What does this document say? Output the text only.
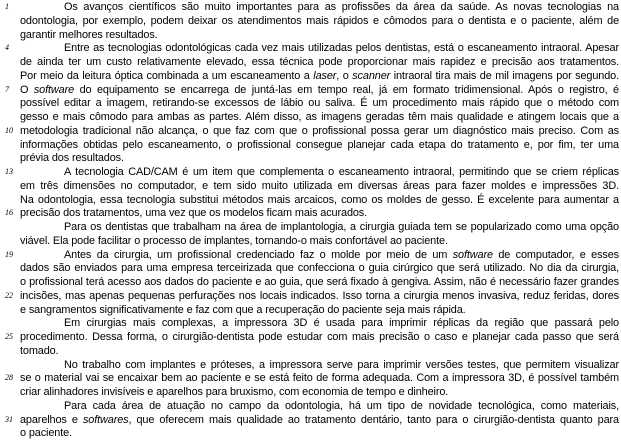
1	Os avanços científicos são muito importantes para as profissões da área da saúde. As novas tecnologias na
odontologia, por exemplo, podem deixar os atendimentos mais rápidos e cômodos para o dentista e o paciente, além de
garantir melhores resultados.
4	Entre as tecnologias odontológicas cada vez mais utilizadas pelos dentistas, está o escaneamento intraoral. Apesar
de ainda ter um custo relativamente elevado, essa técnica pode proporcionar mais rapidez e precisão aos tratamentos.
Por meio da leitura óptica combinada a um escaneamento a laser, o scanner intraoral tira mais de mil imagens por segundo.
7	O software do equipamento se encarrega de juntá-las em tempo real, já em formato tridimensional. Após o registro, é
possível editar a imagem, retirando-se excessos de lábio ou saliva. É um procedimento mais rápido que o método com
gesso e mais cômodo para ambas as partes. Além disso, as imagens geradas têm mais qualidade e atingem locais que a
10 metodologia tradicional não alcança, o que faz com que o profissional possa gerar um diagnóstico mais preciso. Com as
informações obtidas pelo escaneamento, o profissional consegue planejar cada etapa do tratamento e, por fim, ter uma
prévia dos resultados.
13	A tecnologia CAD/CAM é um item que complementa o escaneamento intraoral, permitindo que se criem réplicas
em três dimensões no computador, e tem sido muito utilizada em diversas áreas para fazer moldes e impressões 3D.
Na odontologia, essa tecnologia substitui métodos mais arcaicos, como os moldes de gesso. É excelente para aumentar a
16 precisão dos tratamentos, uma vez que os modelos ficam mais acurados.
Para os dentistas que trabalham na área de implantologia, a cirurgia guiada tem se popularizado como uma opção
viável. Ela pode facilitar o processo de implantes, tornando-o mais confortável ao paciente.
19	Antes da cirurgia, um profissional credenciado faz o molde por meio de um software de computador, e esses
dados são enviados para uma empresa terceirizada que confecciona o guia cirúrgico que será utilizado. No dia da cirurgia,
o profissional terá acesso aos dados do paciente e ao guia, que será fixado à gengiva. Assim, não é necessário fazer grandes
22 incisões, mas apenas pequenas perfurações nos locais indicados. Isso torna a cirurgia menos invasiva, reduz feridas, dores
e sangramentos significativamente e faz com que a recuperação do paciente seja mais rápida.
Em cirurgias mais complexas, a impressora 3D é usada para imprimir réplicas da região que passará pelo
25 procedimento. Dessa forma, o cirurgião-dentista pode estudar com mais precisão o caso e planejar cada passo que será
tomado.
No trabalho com implantes e próteses, a impressora serve para imprimir versões testes, que permitem visualizar
28 se o material vai se encaixar bem ao paciente e se está feito de forma adequada. Com a impressora 3D, é possível também
criar alinhadores invisíveis e aparelhos para bruxismo, com economia de tempo e dinheiro.
Para cada área de atuação no campo da odontologia, há um tipo de novidade tecnológica, como materiais,
31 aparelhos e softwares, que oferecem mais qualidade ao tratamento dentário, tanto para o cirurgião-dentista quanto para
o paciente.
